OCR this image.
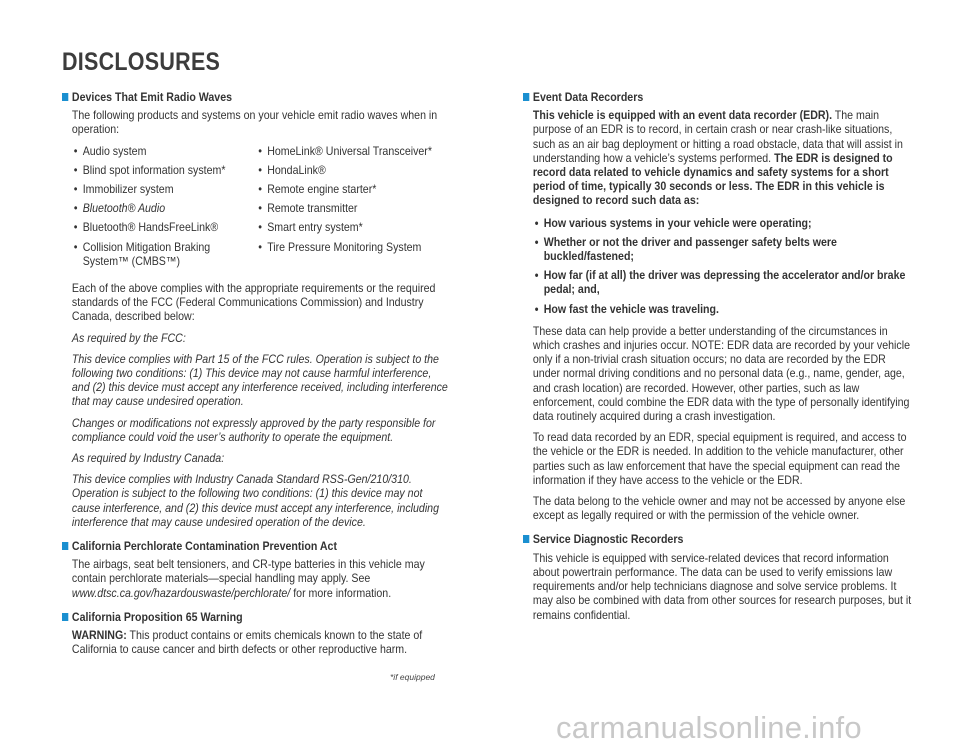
DISCLOSURES
Devices That Emit Radio Waves

The following products and systems on your vehicle emit radio waves when in operation:

• Audio system
• Blind spot information system*
• Immobilizer system
• Bluetooth® Audio
• Bluetooth® HandsFreeLink®
• Collision Mitigation Braking System™ (CMBS™)
• HomeLink® Universal Transceiver*
• HondaLink®
• Remote engine starter*
• Remote transmitter
• Smart entry system*
• Tire Pressure Monitoring System

Each of the above complies with the appropriate requirements or the required standards of the FCC (Federal Communications Commission) and Industry Canada, described below:

As required by the FCC:

This device complies with Part 15 of the FCC rules. Operation is subject to the following two conditions: (1) This device may not cause harmful interference, and (2) this device must accept any interference received, including interference that may cause undesired operation.

Changes or modifications not expressly approved by the party responsible for compliance could void the user’s authority to operate the equipment.

As required by Industry Canada:

This device complies with Industry Canada Standard RSS-Gen/210/310. Operation is subject to the following two conditions: (1) this device may not cause interference, and (2) this device must accept any interference, including interference that may cause undesired operation of the device.

California Perchlorate Contamination Prevention Act

The airbags, seat belt tensioners, and CR-type batteries in this vehicle may contain perchlorate materials—special handling may apply. See www.dtsc.ca.gov/hazardouswaste/perchlorate/ for more information.

California Proposition 65 Warning

WARNING: This product contains or emits chemicals known to the state of California to cause cancer and birth defects or other reproductive harm.

Event Data Recorders

This vehicle is equipped with an event data recorder (EDR). The main purpose of an EDR is to record, in certain crash or near crash-like situations, such as an air bag deployment or hitting a road obstacle, data that will assist in understanding how a vehicle’s systems performed. The EDR is designed to record data related to vehicle dynamics and safety systems for a short period of time, typically 30 seconds or less. The EDR in this vehicle is designed to record such data as:

• How various systems in your vehicle were operating;
• Whether or not the driver and passenger safety belts were buckled/fastened;
• How far (if at all) the driver was depressing the accelerator and/or brake pedal; and,
• How fast the vehicle was traveling.

These data can help provide a better understanding of the circumstances in which crashes and injuries occur. NOTE: EDR data are recorded by your vehicle only if a non-trivial crash situation occurs; no data are recorded by the EDR under normal driving conditions and no personal data (e.g., name, gender, age, and crash location) are recorded. However, other parties, such as law enforcement, could combine the EDR data with the type of personally identifying data routinely acquired during a crash investigation.

To read data recorded by an EDR, special equipment is required, and access to the vehicle or the EDR is needed. In addition to the vehicle manufacturer, other parties such as law enforcement that have the special equipment can read the information if they have access to the vehicle or the EDR.

The data belong to the vehicle owner and may not be accessed by anyone else except as legally required or with the permission of the vehicle owner.

Service Diagnostic Recorders

This vehicle is equipped with service-related devices that record information about powertrain performance. The data can be used to verify emissions law requirements and/or help technicians diagnose and solve service problems. It may also be combined with data from other sources for research purposes, but it remains confidential.

*if equipped
carmanualsonline.info
